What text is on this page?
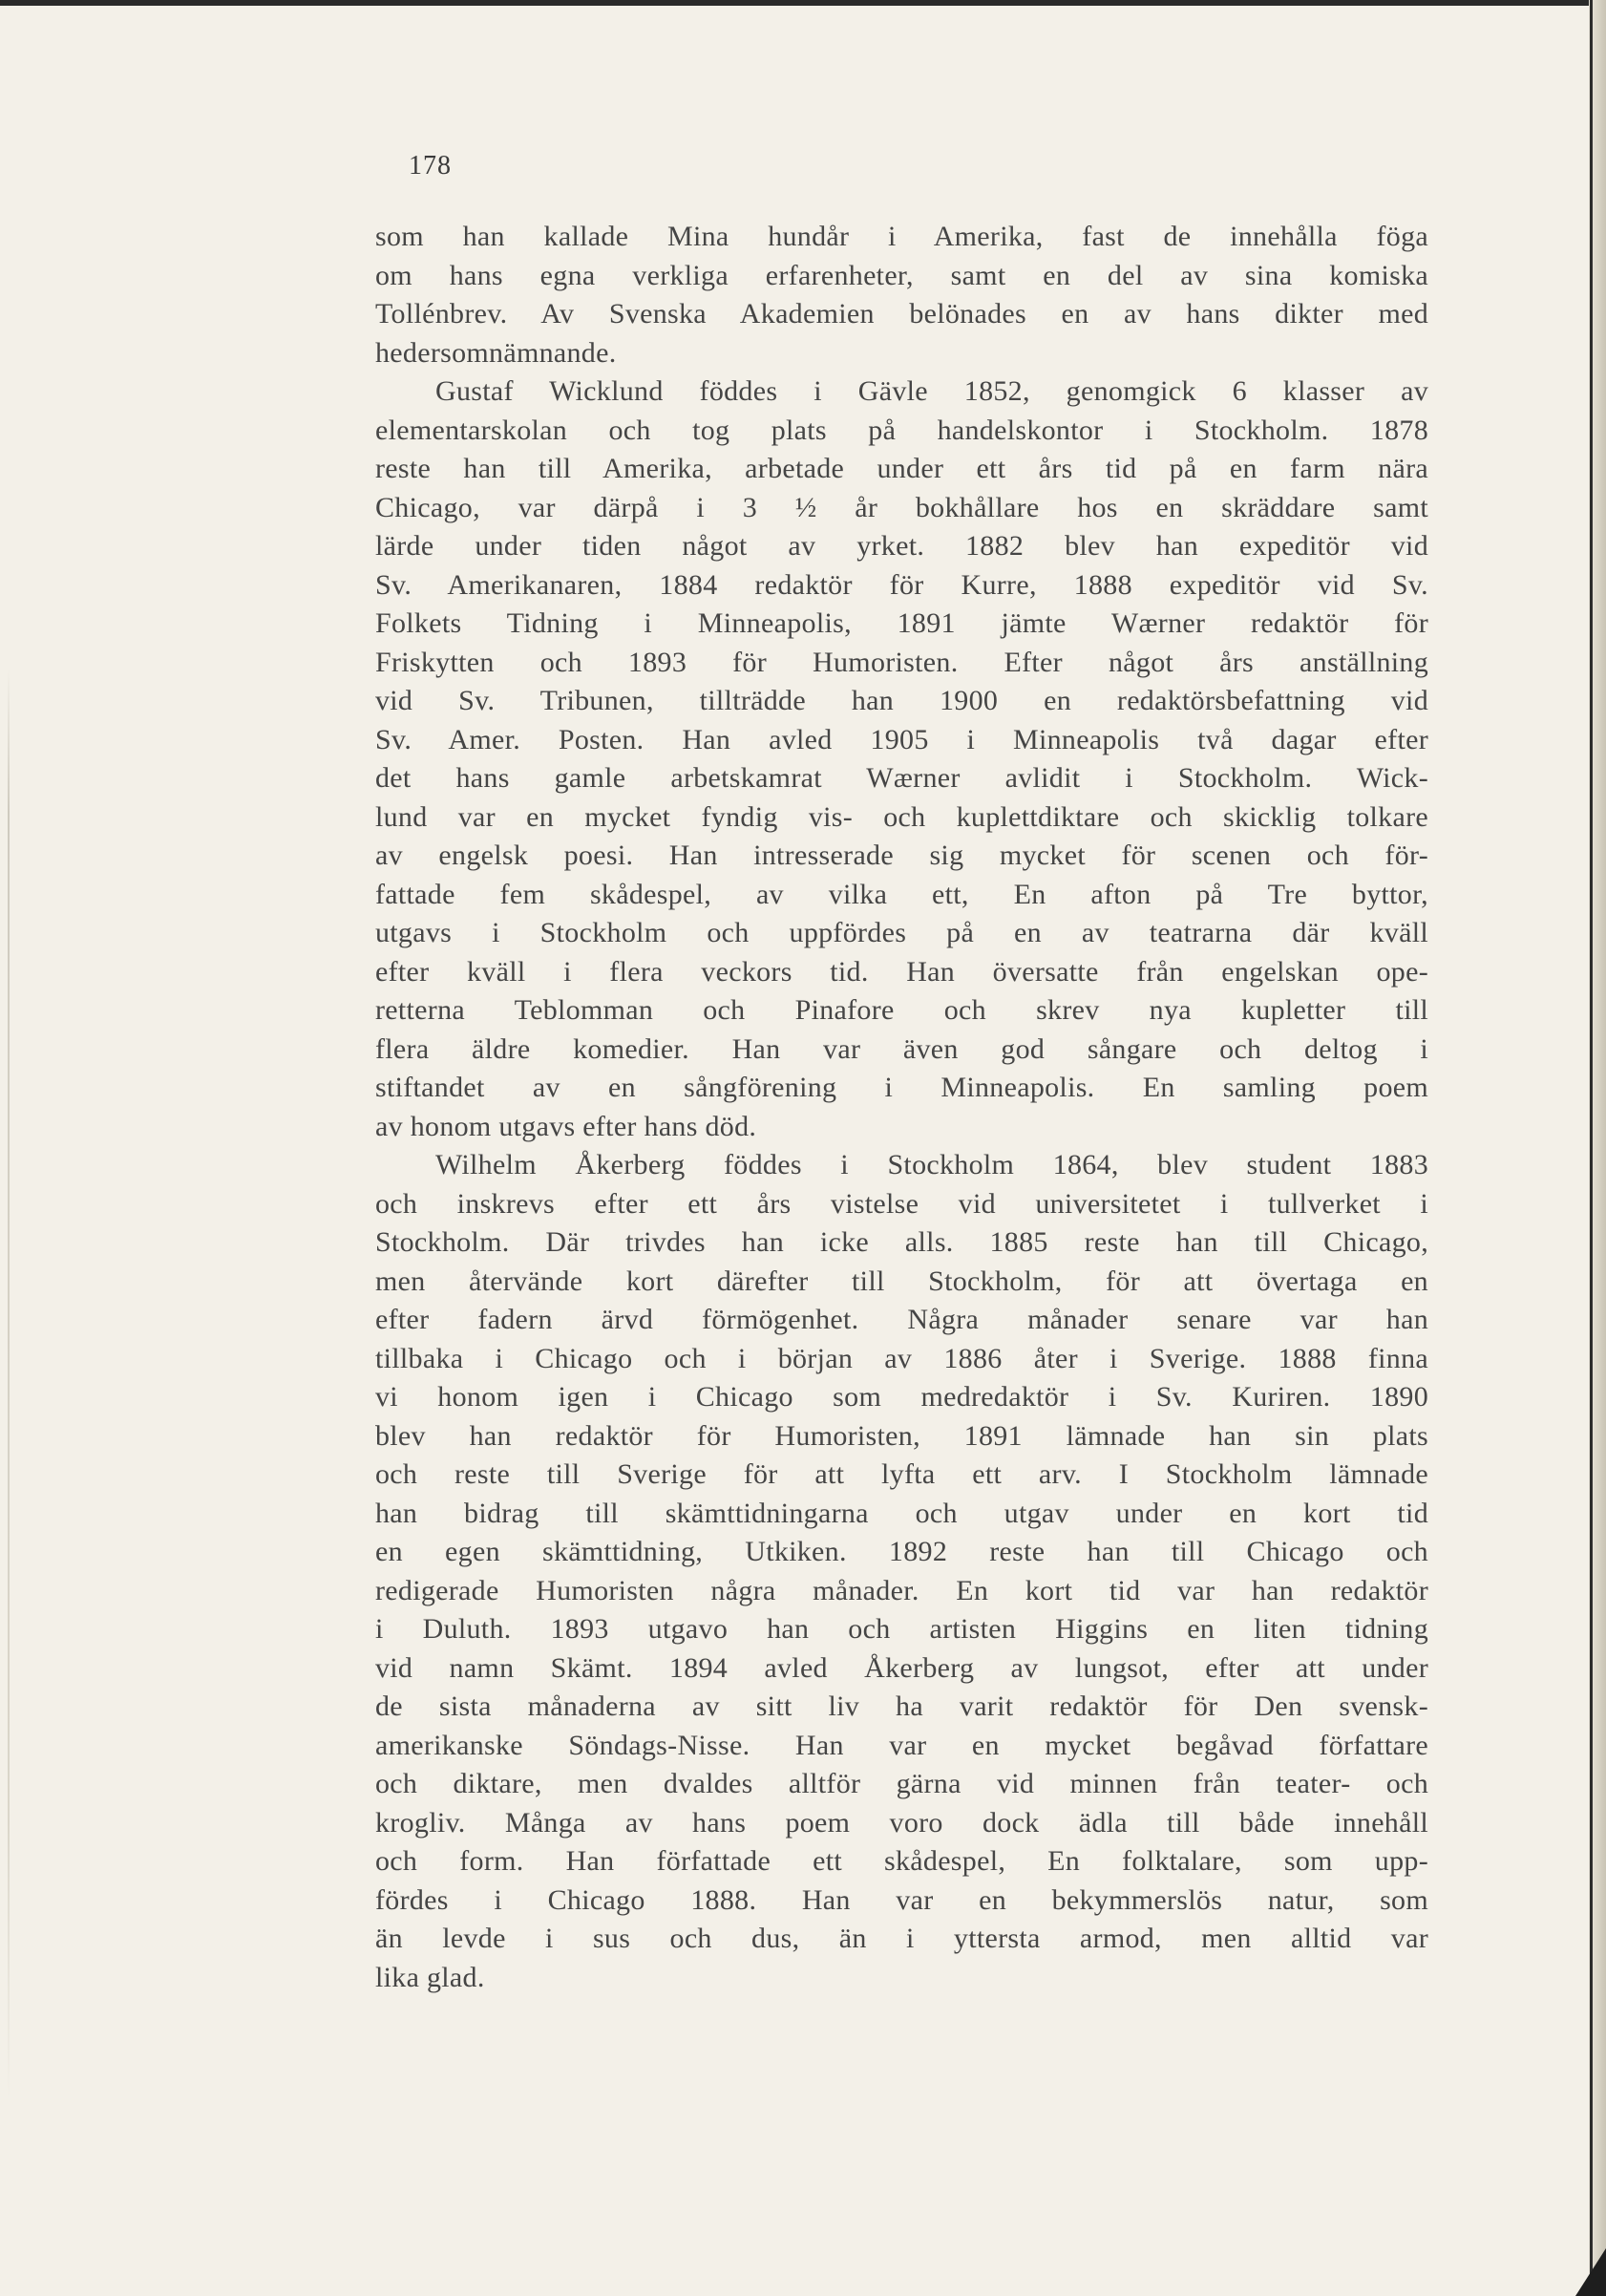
178
som han kallade Mina hundår i Amerika, fast de innehålla föga
om hans egna verkliga erfarenheter, samt en del av sina komiska
Tollénbrev. Av Svenska Akademien belönades en av hans dikter med
hedersomnämnande.
Gustaf Wicklund föddes i Gävle 1852, genomgick 6 klasser av
elementarskolan och tog plats på handelskontor i Stockholm. 1878
reste han till Amerika, arbetade under ett års tid på en farm nära
Chicago, var därpå i 3 ½ år bokhållare hos en skräddare samt
lärde under tiden något av yrket. 1882 blev han expeditör vid
Sv. Amerikanaren, 1884 redaktör för Kurre, 1888 expeditör vid Sv.
Folkets Tidning i Minneapolis, 1891 jämte Wærner redaktör för
Friskytten och 1893 för Humoristen. Efter något års anställning
vid Sv. Tribunen, tillträdde han 1900 en redaktörsbefattning vid
Sv. Amer. Posten. Han avled 1905 i Minneapolis två dagar efter
det hans gamle arbetskamrat Wærner avlidit i Stockholm. Wick-
lund var en mycket fyndig vis- och kuplettdiktare och skicklig tolkare
av engelsk poesi. Han intresserade sig mycket för scenen och för-
fattade fem skådespel, av vilka ett, En afton på Tre byttor,
utgavs i Stockholm och uppfördes på en av teatrarna där kväll
efter kväll i flera veckors tid. Han översatte från engelskan ope-
retterna Teblomman och Pinafore och skrev nya kupletter till
flera äldre komedier. Han var även god sångare och deltog i
stiftandet av en sångförening i Minneapolis. En samling poem
av honom utgavs efter hans död.
Wilhelm Åkerberg föddes i Stockholm 1864, blev student 1883
och inskrevs efter ett års vistelse vid universitetet i tullverket i
Stockholm. Där trivdes han icke alls. 1885 reste han till Chicago,
men återvände kort därefter till Stockholm, för att övertaga en
efter fadern ärvd förmögenhet. Några månader senare var han
tillbaka i Chicago och i början av 1886 åter i Sverige. 1888 finna
vi honom igen i Chicago som medredaktör i Sv. Kuriren. 1890
blev han redaktör för Humoristen, 1891 lämnade han sin plats
och reste till Sverige för att lyfta ett arv. I Stockholm lämnade
han bidrag till skämttidningarna och utgav under en kort tid
en egen skämttidning, Utkiken. 1892 reste han till Chicago och
redigerade Humoristen några månader. En kort tid var han redaktör
i Duluth. 1893 utgavo han och artisten Higgins en liten tidning
vid namn Skämt. 1894 avled Åkerberg av lungsot, efter att under
de sista månaderna av sitt liv ha varit redaktör för Den svensk-
amerikanske Söndags-Nisse. Han var en mycket begåvad författare
och diktare, men dvaldes alltför gärna vid minnen från teater- och
krogliv. Många av hans poem voro dock ädla till både innehåll
och form. Han författade ett skådespel, En folktalare, som upp-
fördes i Chicago 1888. Han var en bekymmerslös natur, som
än levde i sus och dus, än i yttersta armod, men alltid var
lika glad.
